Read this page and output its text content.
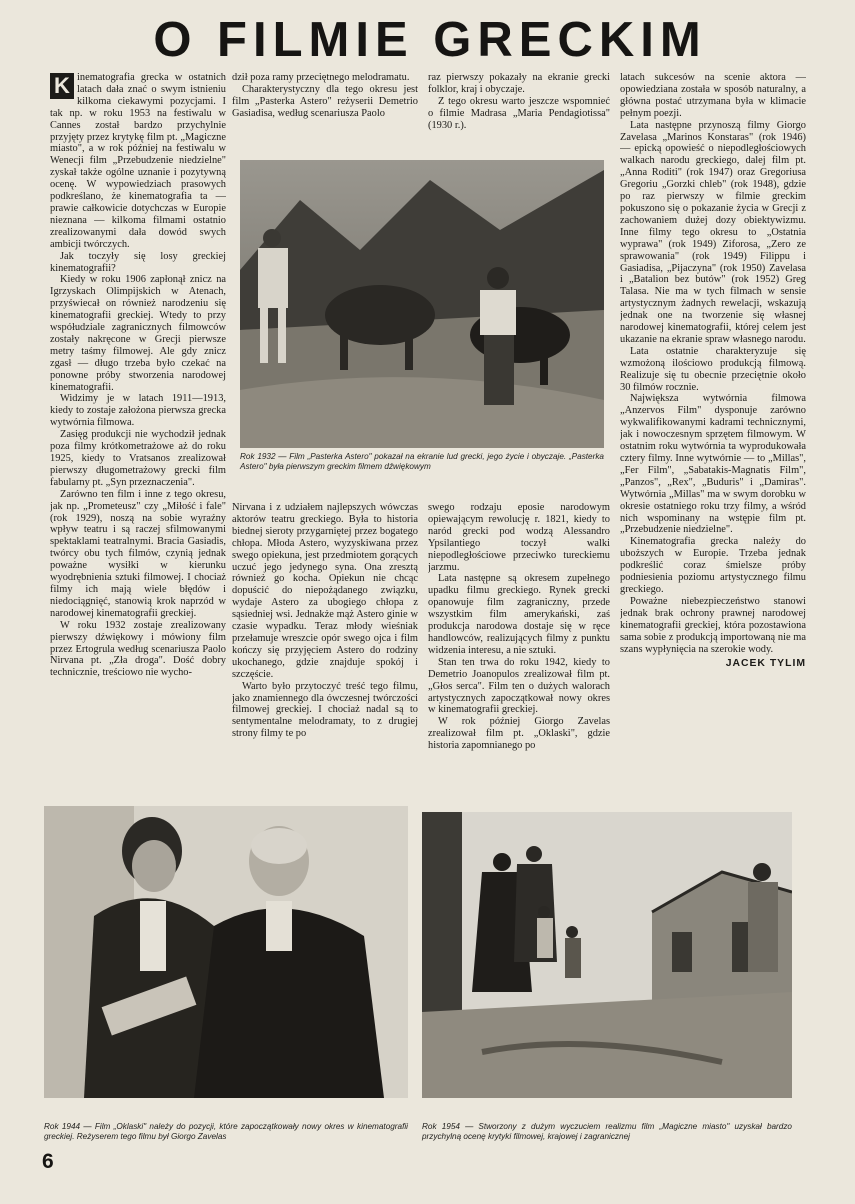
O FILMIE GRECKIM

K inematografia grecka w ostatnich latach dała znać o swym istnieniu kilkoma ciekawymi pozycjami. I tak np. w roku 1953 na festiwalu w Cannes został bardzo przychylnie przyjęty przez krytykę film pt. „Magiczne miasto", a w rok później na festiwalu w Wenecji film „Przebudzenie niedzielne" zyskał także ogólne uznanie i pozytywną ocenę. W wypowiedziach prasowych podkreślano, że kinematografia ta — prawie całkowicie dotychczas w Europie nieznana — kilkoma filmami ostatnio zrealizowanymi dała dowód swych ambicji twórczych.

Jak toczyły się losy greckiej kinematografii?

Kiedy w roku 1906 zapłonął znicz na Igrzyskach Olimpijskich w Atenach, przyświecał on również narodzeniu się kinematografii greckiej. Wtedy to przy współudziale zagranicznych filmowców zostały nakręcone w Grecji pierwsze metry taśmy filmowej. Ale gdy znicz zgasł — długo trzeba było czekać na ponowne próby stworzenia narodowej kinematografii.

Widzimy je w latach 1911—1913, kiedy to zostaje założona pierwsza grecka wytwórnia filmowa.

Zasięg produkcji nie wychodził jednak poza filmy krótkometrażowe aż do roku 1925, kiedy to Vratsanos zrealizował pierwszy długometrażowy grecki film fabularny pt. „Syn przeznaczenia".

Zarówno ten film i inne z tego okresu, jak np. „Prometeusz" czy „Miłość i fale" (rok 1929), noszą na sobie wyraźny wpływ teatru i są raczej sfilmowanymi spektaklami teatralnymi. Bracia Gasiadis, twórcy obu tych filmów, czynią jednak poważne wysiłki w kierunku wyodrębnienia sztuki filmowej. I chociaż filmy ich mają wiele błędów i niedociągnięć, stanowią krok naprzód w narodowej kinematografii greckiej.

W roku 1932 zostaje zrealizowany pierwszy dźwiękowy i mówiony film przez Ertogrula według scenariusza Paolo Nirvana pt. „Zła droga". Dość dobry technicznie, treściowo nie wycho-

dził poza ramy przeciętnego melodramatu.

Charakterystyczny dla tego okresu jest film „Pasterka Astero" reżyserii Demetrio Gasiadisa, według scenariusza Paolo

raz pierwszy pokazały na ekranie grecki folklor, kraj i obyczaje.

Z tego okresu warto jeszcze wspomnieć o filmie Madrasa „Maria Pendagiotissa" (1930 r.).

latach sukcesów na scenie aktora — opowiedziana została w sposób naturalny, a główna postać utrzymana była w klimacie pełnym poezji.

Lata następne przynoszą filmy Giorgo Zavelasa „Marinos Konstaras" (rok 1946) — epicką opowieść o niepodległościowych walkach narodu greckiego, dalej film pt. „Anna Roditi" (rok 1947) oraz Gregoriusa Gregoriu „Gorzki chleb" (rok 1948), gdzie po raz pierwszy w filmie greckim pokuszono się o pokazanie życia w Grecji z zachowaniem dużej dozy obiektywizmu. Inne filmy tego okresu to „Ostatnia wyprawa" (rok 1949) Ziforosa, „Zero ze sprawowania" (rok 1949) Filippu i Gasiadisa, „Pijaczyna" (rok 1950) Zavelasa i „Batalion bez butów" (rok 1952) Greg Talasa. Nie ma w tych filmach w sensie artystycznym żadnych rewelacji, wskazują jednak one na tworzenie się własnej narodowej kinematografii, której celem jest ukazanie na ekranie spraw własnego narodu.

Lata ostatnie charakteryzuje się wzmożoną ilościowo produkcją filmową. Realizuje się tu obecnie przeciętnie około 30 filmów rocznie.

Największa wytwórnia filmowa „Anzervos Film" dysponuje zarówno wykwalifikowanymi kadrami technicznymi, jak i nowoczesnym sprzętem filmowym. W ostatnim roku wytwórnia ta wyprodukowała cztery filmy. Inne wytwórnie — to „Millas", „Fer Film", „Sabatakis-Magnatis Film", „Panzos", „Rex", „Buduris" i „Damiras". Wytwórnia „Millas" ma w swym dorobku w okresie ostatniego roku trzy filmy, a wśród nich wspominany na wstępie film pt. „Przebudzenie niedzielne".

Kinematografia grecka należy do uboższych w Europie. Trzeba jednak podkreślić coraz śmielsze próby podniesienia poziomu artystycznego filmu greckiego.

Poważne niebezpieczeństwo stanowi jednak brak ochrony prawnej narodowej kinematografii greckiej, która pozostawiona sama sobie z produkcją importowaną nie ma szans wypłynięcia na szerokie wody.

JACEK TYLIM

Nirvana i z udziałem najlepszych wówczas aktorów teatru greckiego. Była to historia biednej sieroty przygarniętej przez bogatego chłopa. Młoda Astero, wyzyskiwana przez swego opiekuna, jest przedmiotem gorących uczuć jego jedynego syna. Ona zresztą również go kocha. Opiekun nie chcąc dopuścić do niepożądanego związku, wydaje Astero za ubogiego chłopa z sąsiedniej wsi. Jednakże mąż Astero ginie w czasie wypadku. Teraz młody wieśniak przełamuje wreszcie opór swego ojca i film kończy się przyjęciem Astero do rodziny ukochanego, gdzie znajduje spokój i szczęście.

Warto było przytoczyć treść tego filmu, jako znamiennego dla ówczesnej twórczości filmowej greckiej. I chociaż nadal są to sentymentalne melodramaty, to z drugiej strony filmy te po

swego rodzaju eposie narodowym opiewającym rewolucję r. 1821, kiedy to naród grecki pod wodzą Alessandro Ypsilantiego toczył walki niepodległościowe przeciwko tureckiemu jarzmu.

Lata następne są okresem zupełnego upadku filmu greckiego. Rynek grecki opanowuje film zagraniczny, przede wszystkim film amerykański, zaś produkcja narodowa dostaje się w ręce handlowców, realizujących filmy z punktu widzenia interesu, a nie sztuki.

Stan ten trwa do roku 1942, kiedy to Demetrio Joanopulos zrealizował film pt. „Głos serca". Film ten o dużych walorach artystycznych zapoczątkował nowy okres w kinematografii greckiej.

W rok później Giorgo Zavelas zrealizował film pt. „Oklaski", gdzie historia zapomnianego po

Rok 1932 — Film „Pasterka Astero" pokazał na ekranie lud grecki, jego życie i obyczaje. „Pasterka Astero" była pierwszym greckim filmem dźwiękowym
Rok 1944 — Film „Oklaski" należy do pozycji, które zapoczątkowały nowy okres w kinematografii greckiej. Reżyserem tego filmu był Giorgo Zavelas
Rok 1954 — Stworzony z dużym wyczuciem realizmu film „Magiczne miasto" uzyskał bardzo przychylną ocenę krytyki filmowej, krajowej i zagranicznej
6
